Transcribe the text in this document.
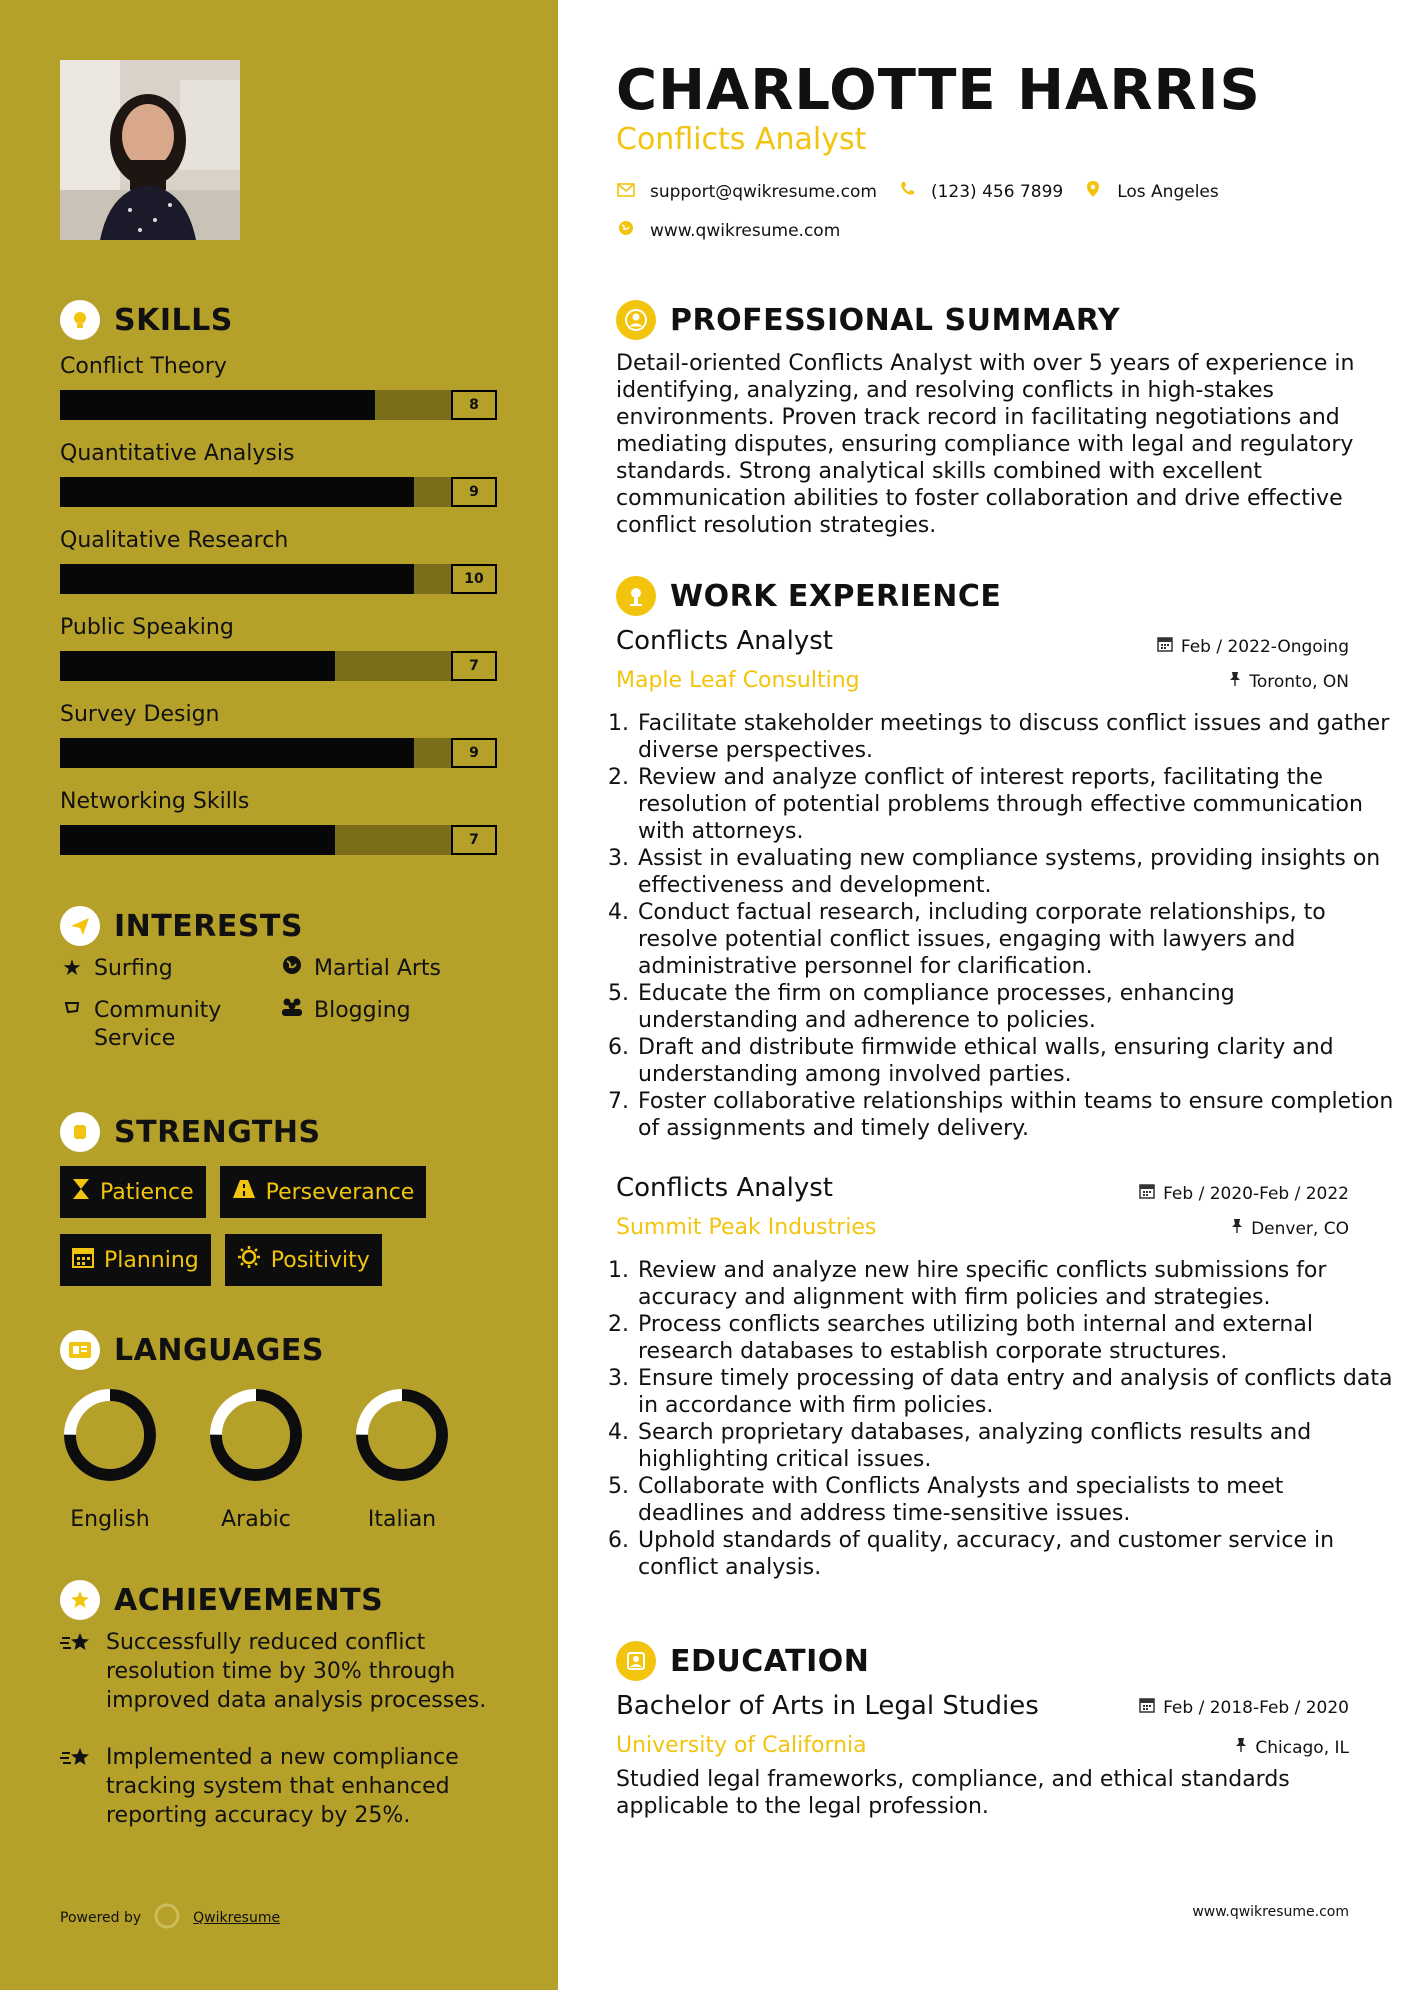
SKILLS
Conflict Theory
8
Quantitative Analysis
9
Qualitative Research
10
Public Speaking
7
Survey Design
9
Networking Skills
7
INTERESTS
★ Surfing	Martial Arts
Community Service
Blogging
STRENGTHS
Patience	Perseverance
Planning	Positivity
LANGUAGES
English	Arabic	Italian
ACHIEVEMENTS
Successfully reduced conflict resolution time by 30% through improved data analysis processes.
Implemented a new compliance tracking system that enhanced reporting accuracy by 25%.
Powered by	Qwikresume
CHARLOTTE HARRIS
Conflicts Analyst
support@qwikresume.com	(123) 456 7899	Los Angeles
www.qwikresume.com
PROFESSIONAL SUMMARY
Detail-oriented Conflicts Analyst with over 5 years of experience in identifying, analyzing, and resolving conflicts in high-stakes environments. Proven track record in facilitating negotiations and mediating disputes, ensuring compliance with legal and regulatory standards. Strong analytical skills combined with excellent communication abilities to foster collaboration and drive effective conflict resolution strategies.
WORK EXPERIENCE
Conflicts Analyst	Feb / 2022-Ongoing
Maple Leaf Consulting	Toronto, ON
1. Facilitate stakeholder meetings to discuss conflict issues and gather diverse perspectives.
2. Review and analyze conflict of interest reports, facilitating the resolution of potential problems through effective communication with attorneys.
3. Assist in evaluating new compliance systems, providing insights on effectiveness and development.
4. Conduct factual research, including corporate relationships, to resolve potential conflict issues, engaging with lawyers and administrative personnel for clarification.
5. Educate the firm on compliance processes, enhancing understanding and adherence to policies.
6. Draft and distribute firmwide ethical walls, ensuring clarity and understanding among involved parties.
7. Foster collaborative relationships within teams to ensure completion of assignments and timely delivery.
Conflicts Analyst	Feb / 2020-Feb / 2022
Summit Peak Industries	Denver, CO
1. Review and analyze new hire specific conflicts submissions for accuracy and alignment with firm policies and strategies.
2. Process conflicts searches utilizing both internal and external research databases to establish corporate structures.
3. Ensure timely processing of data entry and analysis of conflicts data in accordance with firm policies.
4. Search proprietary databases, analyzing conflicts results and highlighting critical issues.
5. Collaborate with Conflicts Analysts and specialists to meet deadlines and address time-sensitive issues.
6. Uphold standards of quality, accuracy, and customer service in conflict analysis.
EDUCATION
Bachelor of Arts in Legal Studies	Feb / 2018-Feb / 2020
University of California	Chicago, IL
Studied legal frameworks, compliance, and ethical standards applicable to the legal profession.
www.qwikresume.com
